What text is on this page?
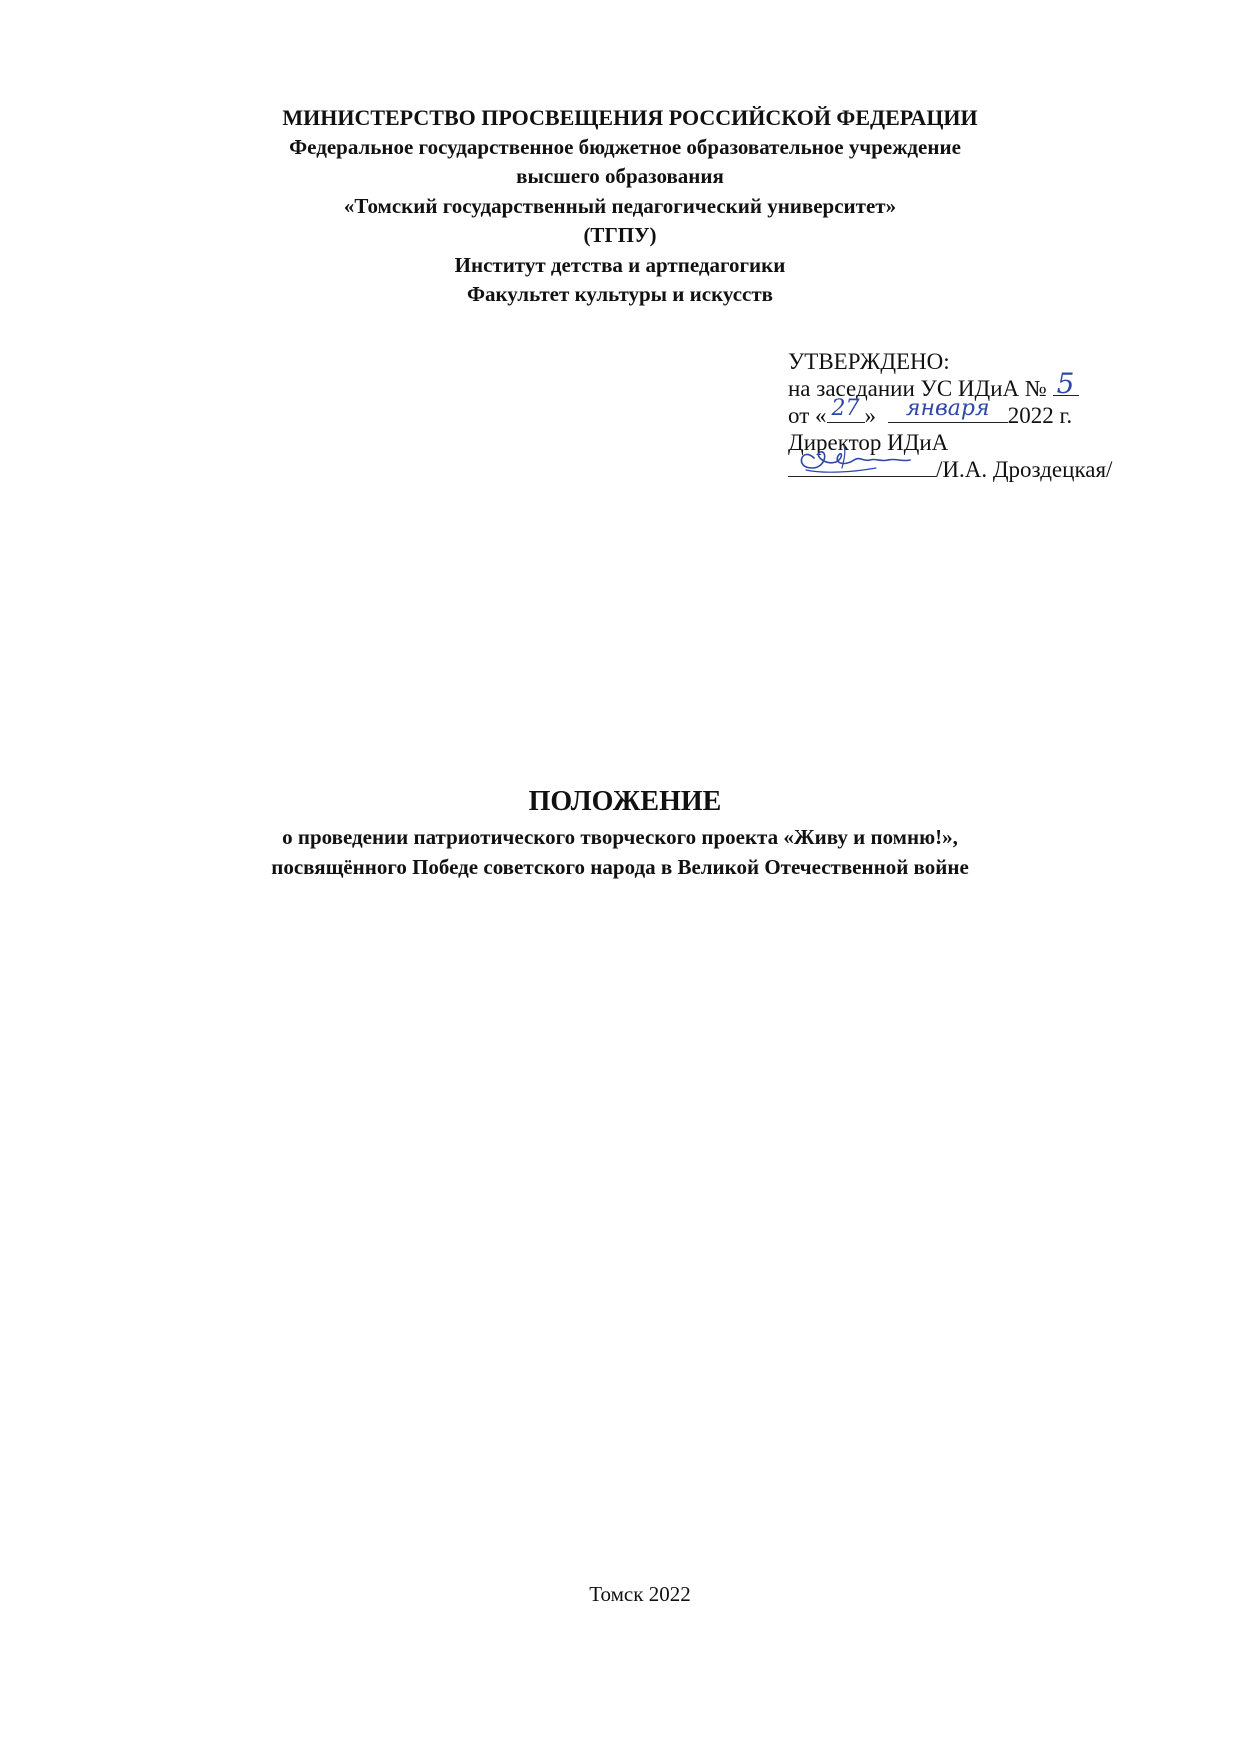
МИНИСТЕРСТВО ПРОСВЕЩЕНИЯ РОССИЙСКОЙ ФЕДЕРАЦИИ
Федеральное государственное бюджетное образовательное учреждение
высшего образования
«Томский государственный педагогический университет»
(ТГПУ)
Институт детства и артпедагогики
Факультет культуры и искусств
УТВЕРЖДЕНО:
на заседании УС ИДиА № 5
от « 27 » января 2022 г.
Директор ИДиА
/И.А. Дроздецкая/
ПОЛОЖЕНИЕ
о проведении патриотического творческого проекта «Живу и помню!»,
посвящённого Победе советского народа в Великой Отечественной войне
Томск 2022
